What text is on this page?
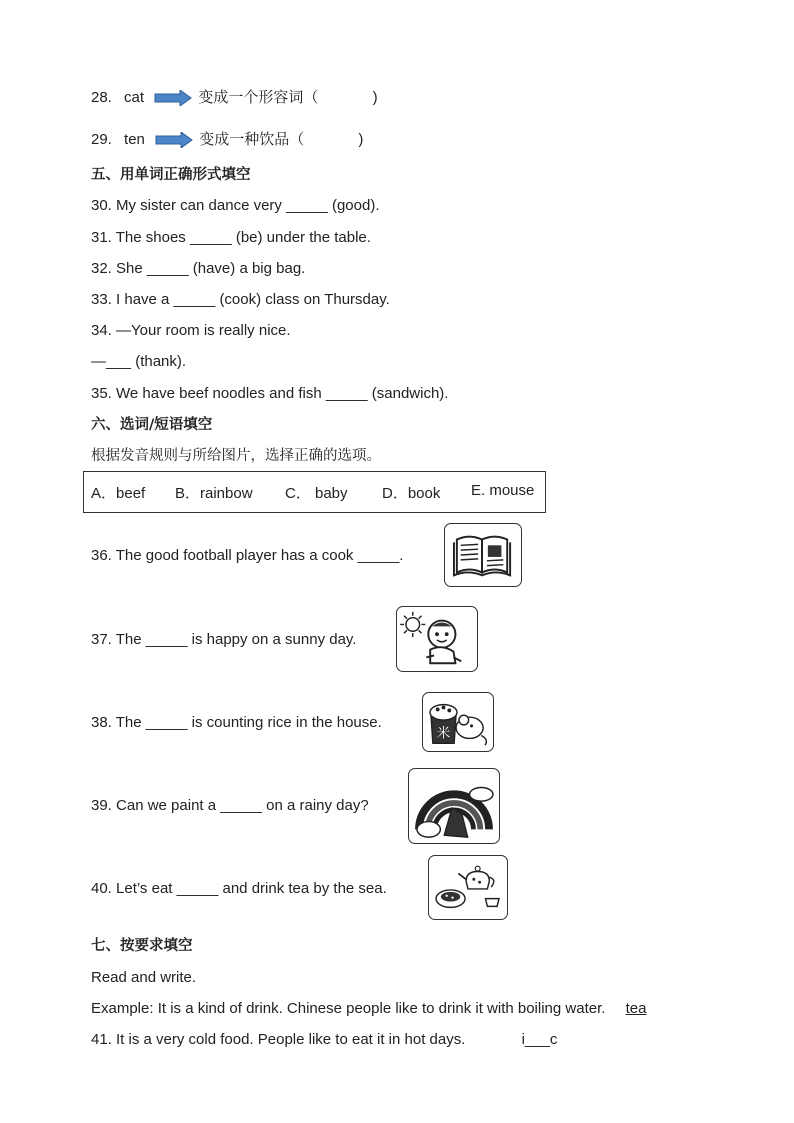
28. cat	变成一个形容词（	)
29. ten	变成一种饮品（	)
五、用单词正确形式填空
30. My sister can dance very _____ (good).
31. The shoes _____ (be) under the table.
32. She _____ (have) a big bag.
33. I have a _____ (cook) class on Thursday.
34. —Your room is really nice.
—___ (thank).
35. We have beef noodles and fish _____ (sandwich).
六、选词/短语填空
根据发音规则与所给图片，选择正确的选项。
A．beef B．rainbow C． baby D．book E. mouse
36. The good football player has a cook _____.
37. The _____ is happy on a sunny day.
38. The _____ is counting rice in the house.
米
39. Can we paint a _____ on a rainy day?
40. Let’s eat _____ and drink tea by the sea.
七、按要求填空
Read and write.
Example: It is a kind of drink. Chinese people like to drink it with boiling water. tea
41. It is a very cold food. People like to eat it in hot days.	i___c
